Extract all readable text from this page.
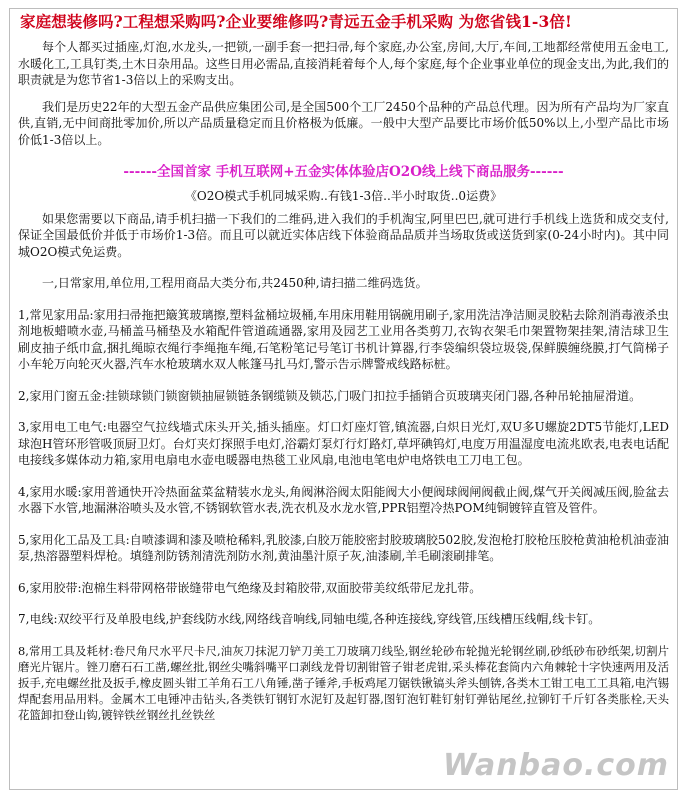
家庭想装修吗?工程想采购吗?企业要维修吗?青远五金手机采购 为您省钱1-3倍!

每个人都买过插座,灯泡,水龙头,一把锁,一副手套一把扫帚,每个家庭,办公室,房间,大厅,车间,工地都经常使用五金电工,水暖化工,工具钉类,土木日杂用品。这些日用必需品,直接消耗着每个人,每个家庭,每个企业事业单位的现金支出,为此,我们的职责就是为您节省1-3倍以上的采购支出。

我们是历史22年的大型五金产品供应集团公司,是全国500个工厂2450个品种的产品总代理。因为所有产品均为厂家直供,直销,无中间商批零加价,所以产品质量稳定而且价格极为低廉。一般中大型产品要比市场价低50%以上,小型产品比市场价低1-3倍以上。

------全国首家 手机互联网+五金实体体验店O2O线上线下商品服务------

《O2O模式手机同城采购..有钱1-3倍..半小时取货..0运费》

如果您需要以下商品,请手机扫描一下我们的二维码,进入我们的手机淘宝,阿里巴巴,就可进行手机线上选货和成交支付,保证全国最低价并低于市场价1-3倍。而且可以就近实体店线下体验商品品质并当场取货或送货到家(0-24小时内)。其中同城O2O模式免运费。

一,日常家用,单位用,工程用商品大类分布,共2450种,请扫描二维码选货。

1,常见家用品:家用扫帚拖把簸箕玻璃擦,塑料盆桶垃圾桶,车用床用鞋用锅碗用刷子,家用洗洁净洁厕灵胶粘去除剂消毒液杀虫剂地板蜡喷水壶,马桶盖马桶垫及水箱配件管道疏通器,家用及园艺工业用各类剪刀,衣钩衣架毛巾架置物架挂架,清洁球卫生刷皮抽子纸巾盒,捆扎绳晾衣绳行李绳拖车绳,石笔粉笔记号笔订书机计算器,行李袋编织袋垃圾袋,保鲜膜缠绕膜,打气筒梯子小车轮万向轮灭火器,汽车水枪玻璃水双人帐篷马扎马灯,警示告示牌警戒线路标桩。

2,家用门窗五金:挂锁球锁门锁窗锁抽屉锁链条钢缆锁及锁芯,门吸门扣拉手插销合页玻璃夹闭门器,各种吊轮抽屉滑道。

3,家用电工电气:电器空气拉线墙式床头开关,插头插座。灯口灯座灯管,镇流器,白炽日光灯,双U多U螺旋2DT5节能灯,LED球泡H管环形管吸顶厨卫灯。台灯夹灯探照手电灯,浴霸灯泵灯行灯路灯,草坪碘钨灯,电度万用温湿度电流兆欧表,电表电话配电接线多媒体动力箱,家用电扇电水壶电暖器电热毯工业风扇,电池电笔电炉电烙铁电工刀电工包。

4,家用水暖:家用普通快开冷热面盆菜盆精装水龙头,角阀淋浴阀太阳能阀大小便阀球阀闸阀截止阀,煤气开关阀减压阀,脸盆去水器下水管,地漏淋浴喷头及水管,不锈钢软管水表,洗衣机及水龙水管,PPR铝塑冷热POM纯铜镀锌直管及管件。

5,家用化工品及工具:自喷漆调和漆及喷枪稀料,乳胶漆,白胶万能胶密封胶玻璃胶502胶,发泡枪打胶枪压胶枪黄油枪机油壶油泵,热溶器塑料焊枪。填缝剂防锈剂清洗剂防水剂,黄油墨汁原子灰,油漆刷,羊毛刷滚刷排笔。

6,家用胶带:泡棉生料带网格带嵌缝带电气绝缘及封箱胶带,双面胶带美纹纸带尼龙扎带。

7,电线:双绞平行及单股电线,护套线防水线,网络线音响线,同轴电缆,各种连接线,穿线管,压线槽压线帽,线卡钉。

8,常用工具及耗材:卷尺角尺水平尺卡尺,油灰刀抹泥刀铲刀美工刀玻璃刀线坠,钢丝轮砂布轮抛光轮钢丝刷,砂纸砂布砂纸架,切割片磨光片锯片。锉刀磨石石工凿,螺丝批,钢丝尖嘴斜嘴平口剥线龙骨切割钳管子钳老虎钳,采头棒花套筒内六角棘轮十字快速两用及活扳手,充电螺丝批及扳手,橡皮圆头钳工羊角石工八角锤,凿子锤斧,手板鸡尾刀锯铁锹镐头斧头刨锛,各类木工钳工电工工具箱,电汽锡焊配套用品用料。金属木工电锤冲击钻头,各类铁钉钢钉水泥钉及起钉器,图钉泡钉鞋钉射钉弹钻尾丝,拉铆钉千斤钉各类胀栓,天头花篮卸扣登山钩,镀锌铁丝钢丝扎丝铁丝

Wanbao.com
